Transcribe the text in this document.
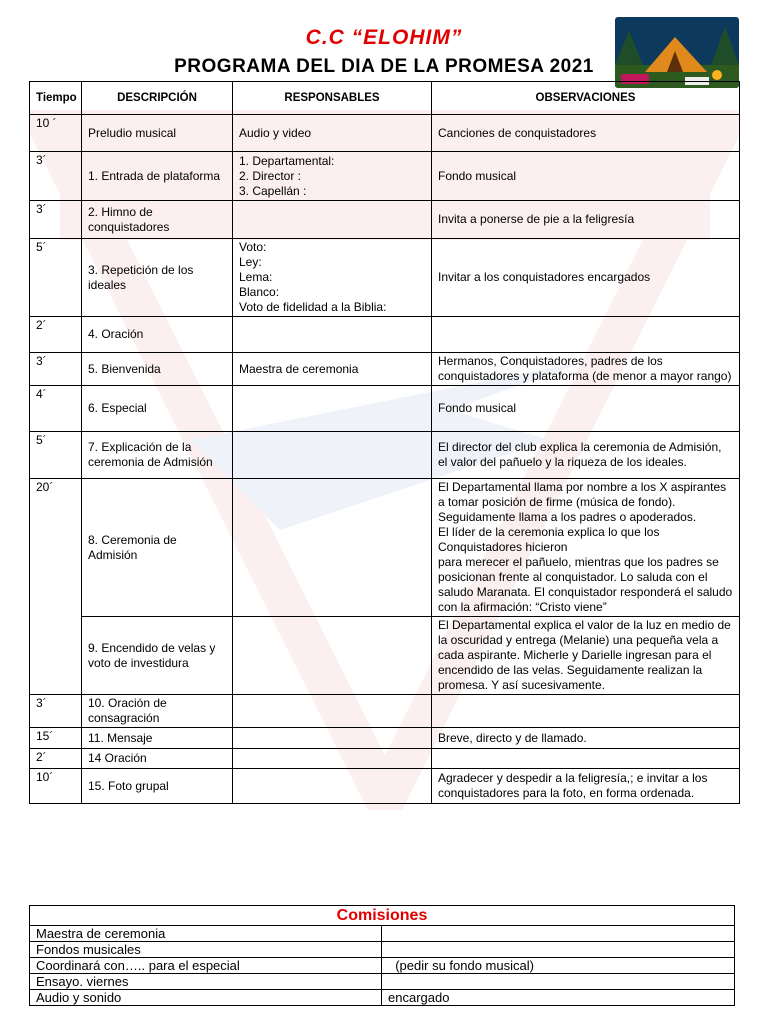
C.C “ELOHIM”
PROGRAMA DEL DIA DE LA PROMESA 2021
Tiempo	DESCRIPCIÓN	RESPONSABLES	OBSERVACIONES
10 ´	Preludio musical	Audio y video	Canciones de conquistadores
3´	1. Entrada de plataforma	1. Departamental:
2. Director :
3. Capellán :	Fondo musical
3´	2. Himno de conquistadores		Invita a ponerse de pie a la feligresía
5´	3. Repetición de los ideales	Voto:
Ley:
Lema:
Blanco:
Voto de fidelidad a la Biblia:	Invitar a los conquistadores encargados
2´	4. Oración		
3´	5. Bienvenida	Maestra de ceremonia	Hermanos, Conquistadores, padres de los conquistadores y plataforma (de menor a mayor rango)
4´	6. Especial		Fondo musical
5´	7. Explicación de la ceremonia de Admisión		El director del club explica la ceremonia de Admisión, el valor del pañuelo y la riqueza de los ideales.
20´	8. Ceremonia de Admisión		El Departamental llama por nombre a los X aspirantes a tomar posición de firme (música de fondo).
Seguidamente llama a los padres o apoderados.
El líder de la ceremonia explica lo que los Conquistadores hicieron
para merecer el pañuelo, mientras que los padres se posicionan frente al conquistador. Lo saluda con el saludo Maranata. El conquistador responderá el saludo con la afirmación: “Cristo viene”
	9. Encendido de velas y voto de investidura		El Departamental explica el valor de la luz en medio de la oscuridad y entrega (Melanie) una pequeña vela a cada aspirante. Micherle y Darielle ingresan para el encendido de las velas. Seguidamente realizan la promesa. Y así sucesivamente.
3´	10. Oración de consagración		
15´	11. Mensaje		Breve, directo y de llamado.
2´	14 Oración		
10´	15. Foto grupal		Agradecer y despedir a la feligresía,; e invitar a los conquistadores para la foto, en forma ordenada.
Comisiones	
Maestra de ceremonia	
Fondos musicales	
Coordinará con….. para el especial	(pedir su fondo musical)
Ensayo. viernes	
Audio y sonido	encargado
